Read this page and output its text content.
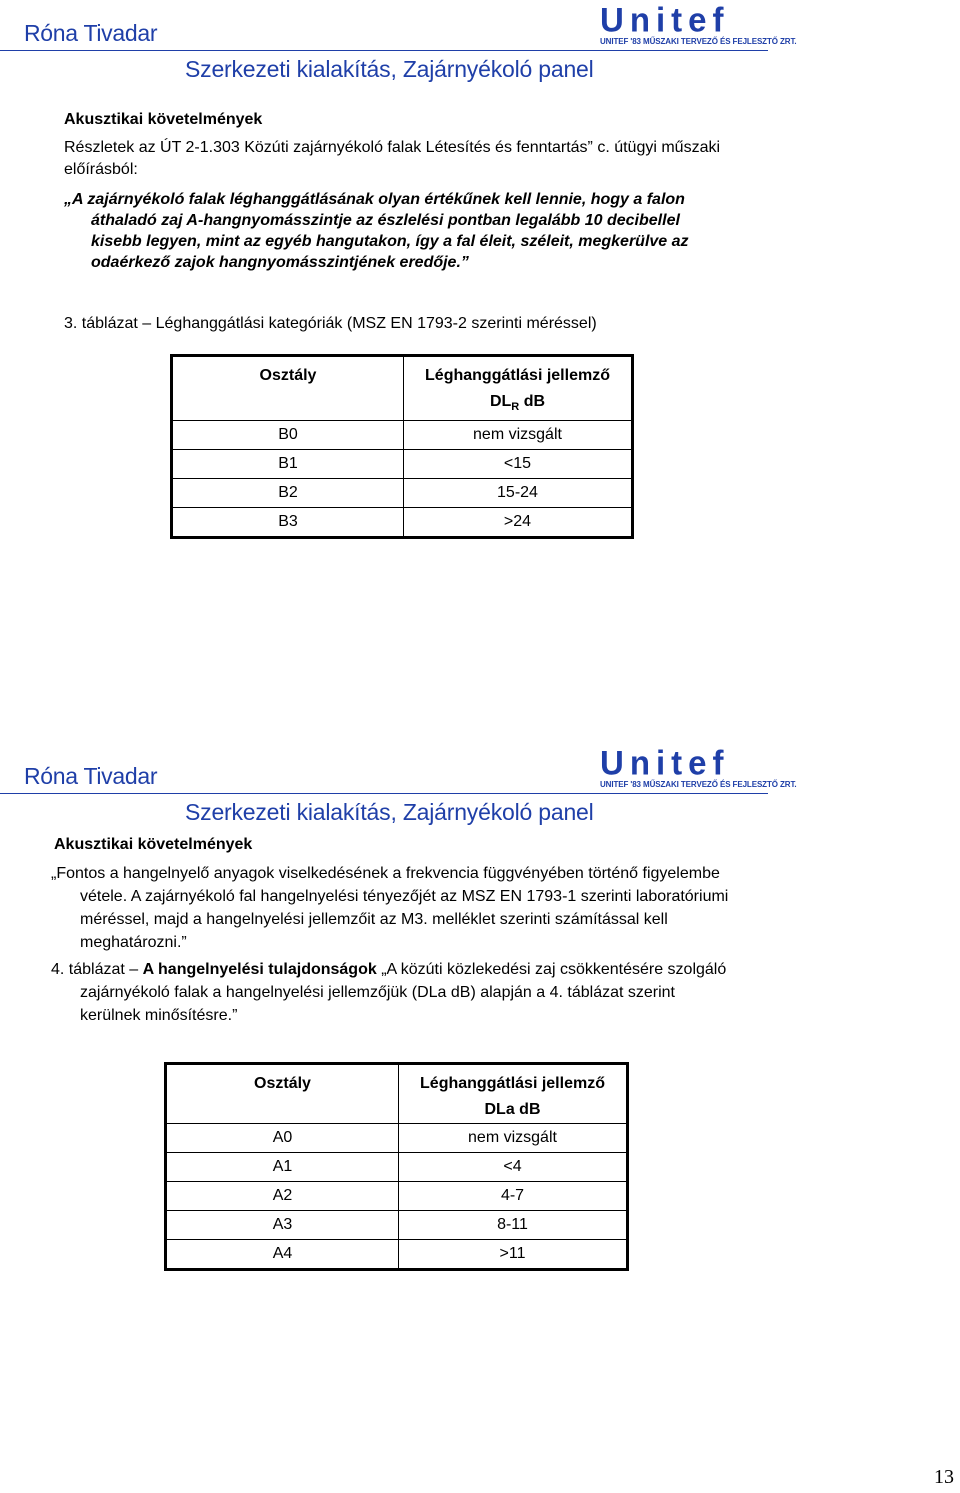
Róna Tivadar	Unitef
UNITEF '83 MŰSZAKI TERVEZŐ ÉS FEJLESZTŐ ZRT.
Szerkezeti kialakítás, Zajárnyékoló panel
Akusztikai követelmények
Részletek az ÚT 2-1.303 Közúti zajárnyékoló falak Létesítés és fenntartás” c. útügyi műszaki
előírásból:
„A zajárnyékoló falak léghanggátlásának olyan értékűnek kell lennie, hogy a falon
áthaladó zaj A-hangnyomásszintje az észlelési pontban legalább 10 decibellel
kisebb legyen, mint az egyéb hangutakon, így a fal éleit, széleit, megkerülve az
odaérkező zajok hangnyomásszintjének eredője.”
3. táblázat – Léghanggátlási kategóriák (MSZ EN 1793-2 szerinti méréssel)
Osztály	Léghanggátlási jellemző
$DL_R$ dB

B0	nem vizsgált
B1	<15
B2	15-24
B3	>24
Róna Tivadar	Unitef
UNITEF '83 MŰSZAKI TERVEZŐ ÉS FEJLESZTŐ ZRT.
Szerkezeti kialakítás, Zajárnyékoló panel
Akusztikai követelmények
„Fontos a hangelnyelő anyagok viselkedésének a frekvencia függvényében történő figyelembe
vétele. A zajárnyékoló fal hangelnyelési tényezőjét az MSZ EN 1793-1 szerinti laboratóriumi
méréssel, majd a hangelnyelési jellemzőit az M3. melléklet szerinti számítással kell
meghatározni.”
4. táblázat – A hangelnyelési tulajdonságok „A közúti közlekedési zaj csökkentésére szolgáló
zajárnyékoló falak a hangelnyelési jellemzőjük (DLa dB) alapján a 4. táblázat szerint
kerülnek minősítésre.”
Osztály	Léghanggátlási jellemző
DLa dB

A0	nem vizsgált
A1	<4
A2	4-7
A3	8-11
A4	>11
13
